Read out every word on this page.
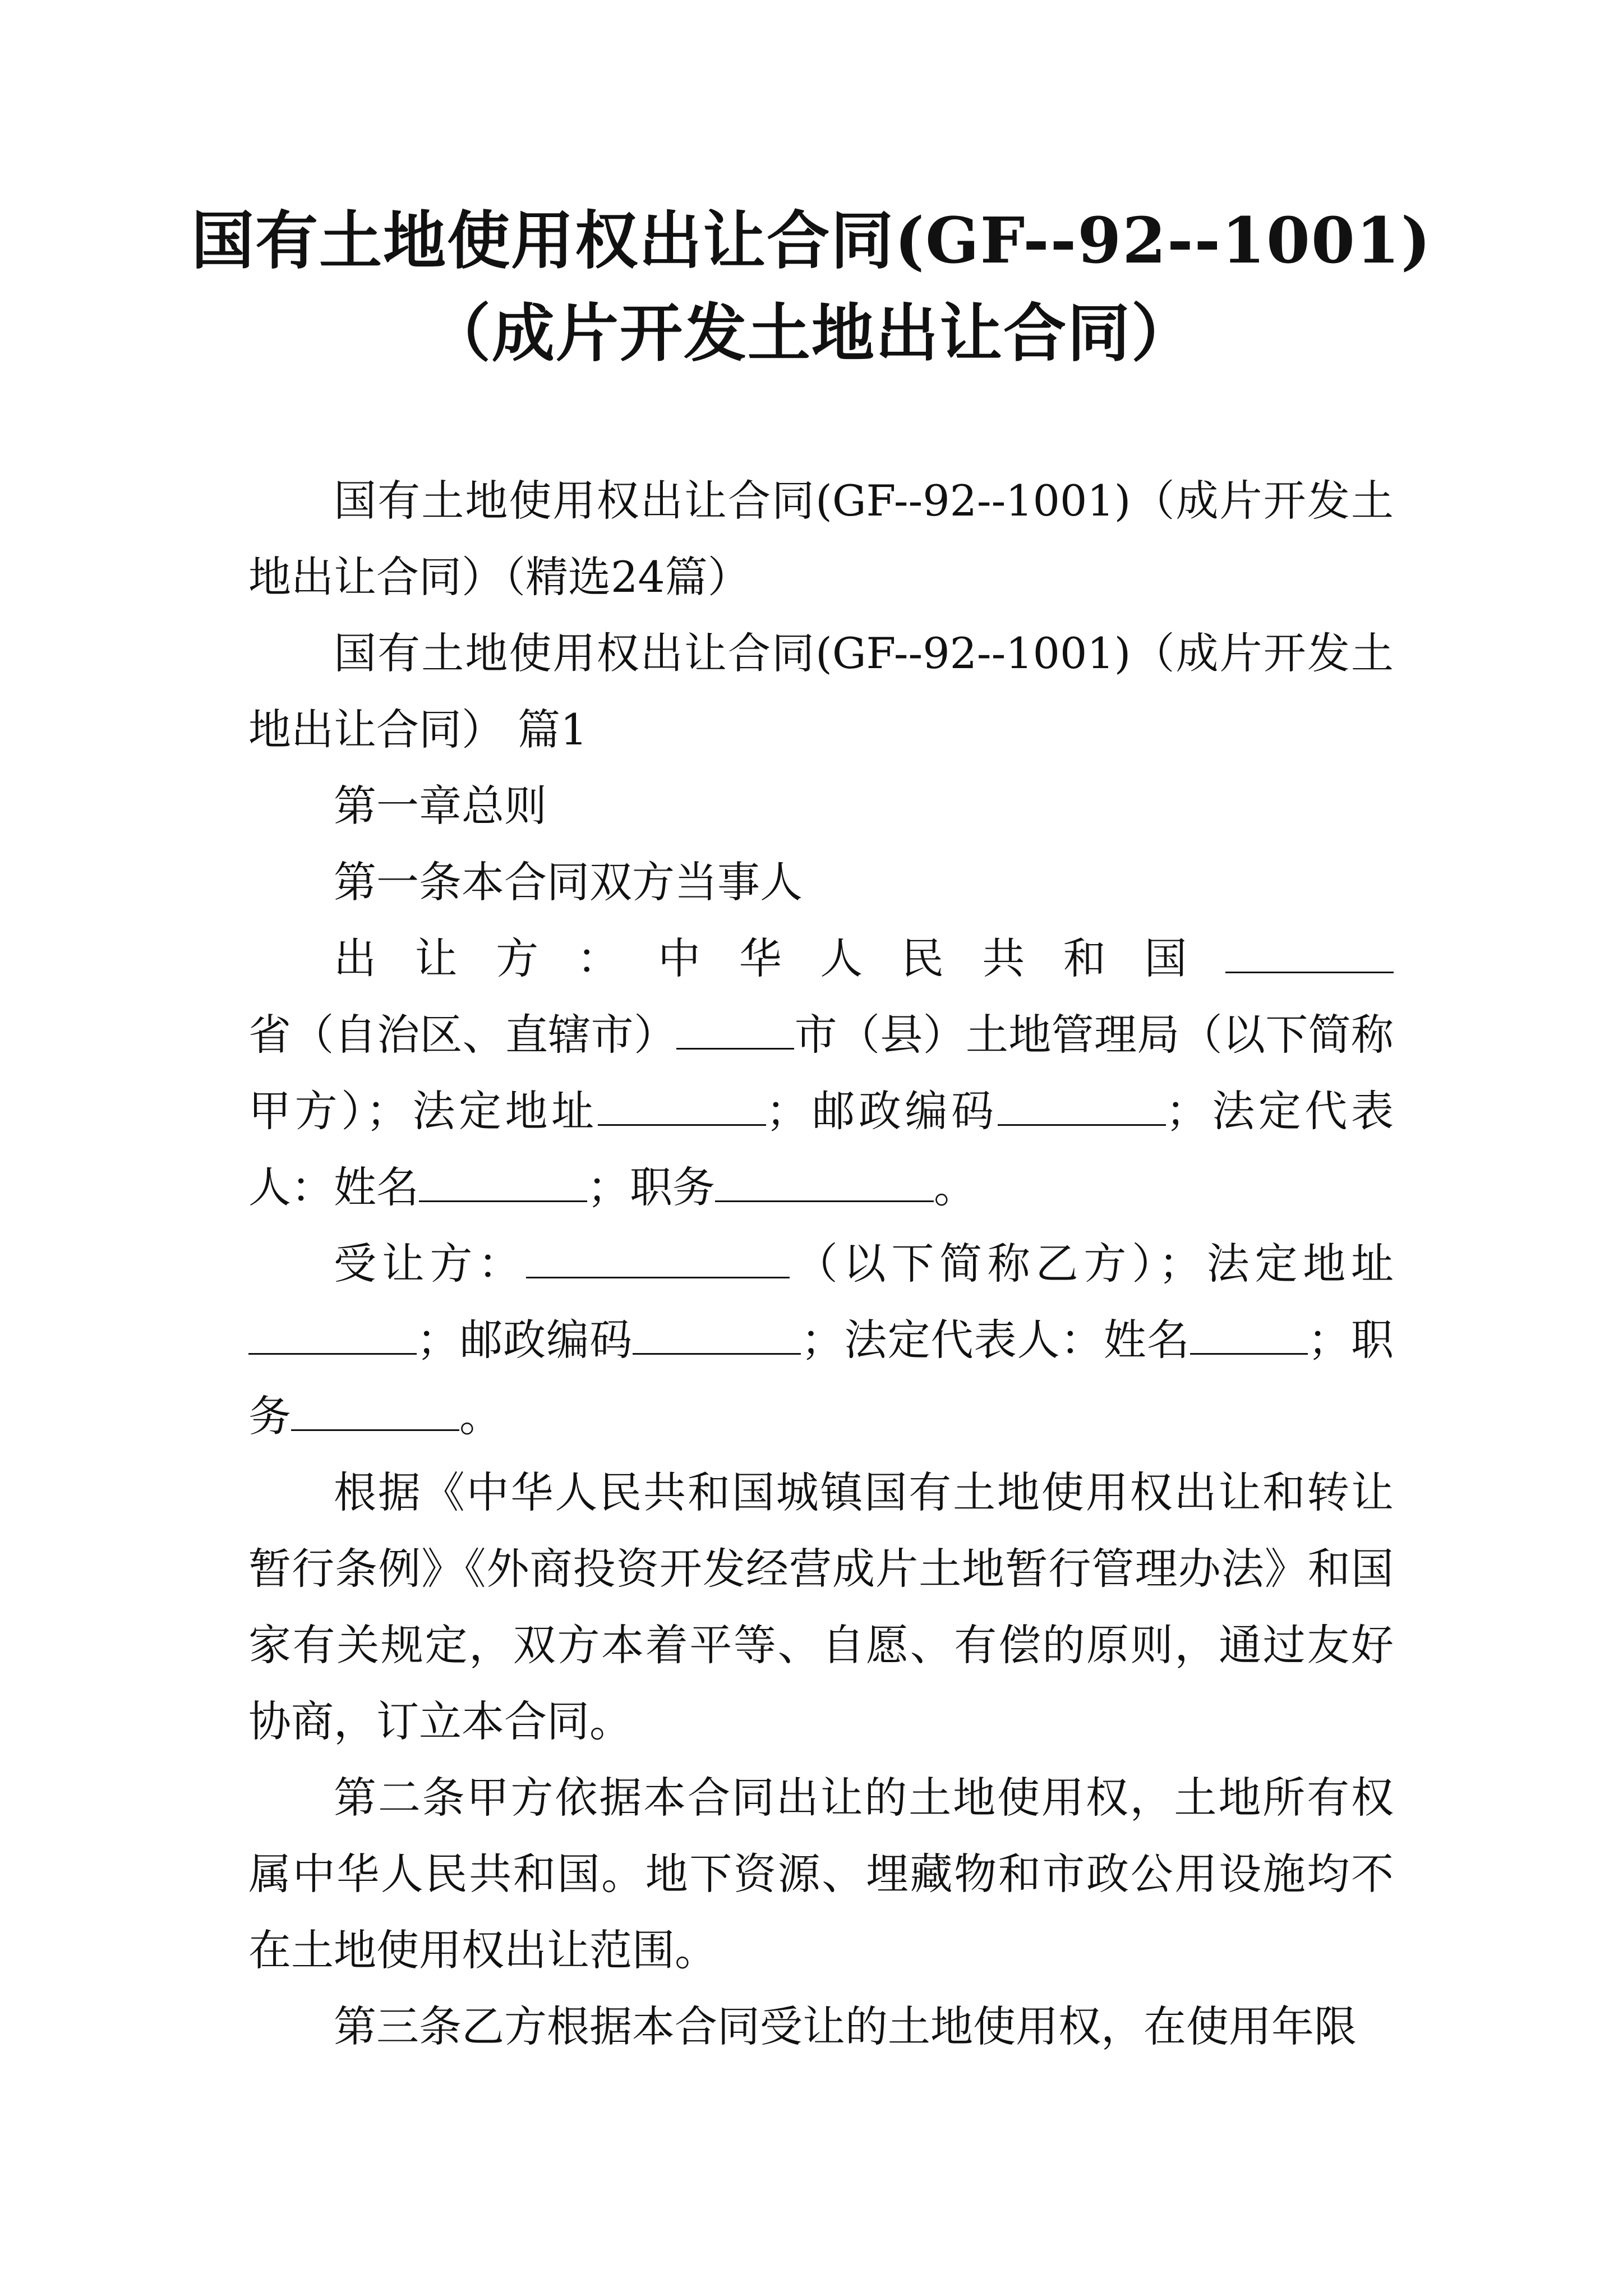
国有土地使用权出让合同(GF--92--1001)
（成片开发土地出让合同）

国有土地使用权出让合同(GF--92--1001)（成片开发土地出让合同）（精选24篇）

国有土地使用权出让合同(GF--92--1001)（成片开发土地出让合同） 篇1

第一章总则

第一条本合同双方当事人

出让方：中华人民共和国省（自治区、直辖市）	市（县）土地管理局（以下简称甲方）；法定地址	；邮政编码	；法定代表人：姓名	；职务	。

受让方：	（以下简称乙方）；法定地址；邮政编码	；法定代表人：姓名	；职务	。

根据《中华人民共和国城镇国有土地使用权出让和转让暂行条例》《外商投资开发经营成片土地暂行管理办法》和国家有关规定，双方本着平等、自愿、有偿的原则，通过友好协商，订立本合同。

第二条甲方依据本合同出让的土地使用权，土地所有权属中华人民共和国。地下资源、埋藏物和市政公用设施均不在土地使用权出让范围。

第三条乙方根据本合同受让的土地使用权，在使用年限
